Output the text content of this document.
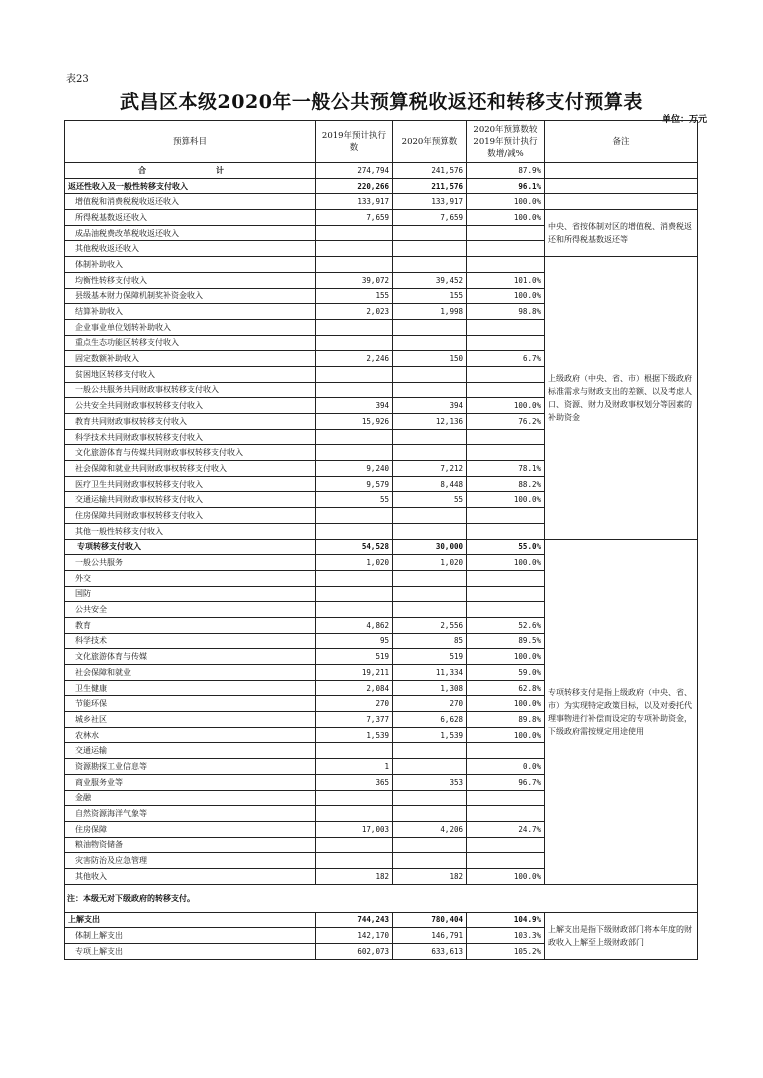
表23
武昌区本级2020年一般公共预算税收返还和转移支付预算表
单位：万元
预算科目	2019年预计执行数	2020年预算数	2020年预算数较2019年预计执行数增/减%	备注
合　　计	274,794	241,576	87.9%	
返还性收入及一般性转移支付收入	220,266	211,576	96.1%	
增值税和消费税税收返还收入	133,917	133,917	100.0%	
所得税基数返还收入	7,659	7,659	100.0%	中央、省按体制对区的增值税、消费税返还和所得税基数返还等
成品油税费改革税收返还收入				
其他税收返还收入				
体制补助收入				上级政府（中央、省、市）根据下级政府标准需求与财政支出的差额、以及考虑人口、资源、财力及财政事权划分等因素的补助资金
均衡性转移支付收入	39,072	39,452	101.0%	
县级基本财力保障机制奖补资金收入	155	155	100.0%	
结算补助收入	2,023	1,998	98.8%	
企业事业单位划转补助收入				
重点生态功能区转移支付收入				
固定数额补助收入	2,246	150	6.7%	
贫困地区转移支付收入				
一般公共服务共同财政事权转移支付收入				
公共安全共同财政事权转移支付收入	394	394	100.0%	
教育共同财政事权转移支付收入	15,926	12,136	76.2%	
科学技术共同财政事权转移支付收入				
文化旅游体育与传媒共同财政事权转移支付收入				
社会保障和就业共同财政事权转移支付收入	9,240	7,212	78.1%	
医疗卫生共同财政事权转移支付收入	9,579	8,448	88.2%	
交通运输共同财政事权转移支付收入	55	55	100.0%	
住房保障共同财政事权转移支付收入				
其他一般性转移支付收入				
专项转移支付收入	54,528	30,000	55.0%	专项转移支付是指上级政府（中央、省、市）为实现特定政策目标，以及对委托代理事物进行补偿而设定的专项补助资金，下级政府需按规定用途使用
一般公共服务	1,020	1,020	100.0%	
外交				
国防				
公共安全				
教育	4,862	2,556	52.6%	
科学技术	95	85	89.5%	
文化旅游体育与传媒	519	519	100.0%	
社会保障和就业	19,211	11,334	59.0%	
卫生健康	2,084	1,308	62.8%	
节能环保	270	270	100.0%	
城乡社区	7,377	6,628	89.8%	
农林水	1,539	1,539	100.0%	
交通运输				
资源勘探工业信息等	1		0.0%	
商业服务业等	365	353	96.7%	
金融				
自然资源海洋气象等				
住房保障	17,003	4,206	24.7%	
粮油物资储备				
灾害防治及应急管理				
其他收入	182	182	100.0%	
注：本级无对下级政府的转移支付。				
上解支出	744,243	780,404	104.9%	上解支出是指下级财政部门将本年度的财政收入上解至上级财政部门
体制上解支出	142,170	146,791	103.3%	
专项上解支出	602,073	633,613	105.2%	
